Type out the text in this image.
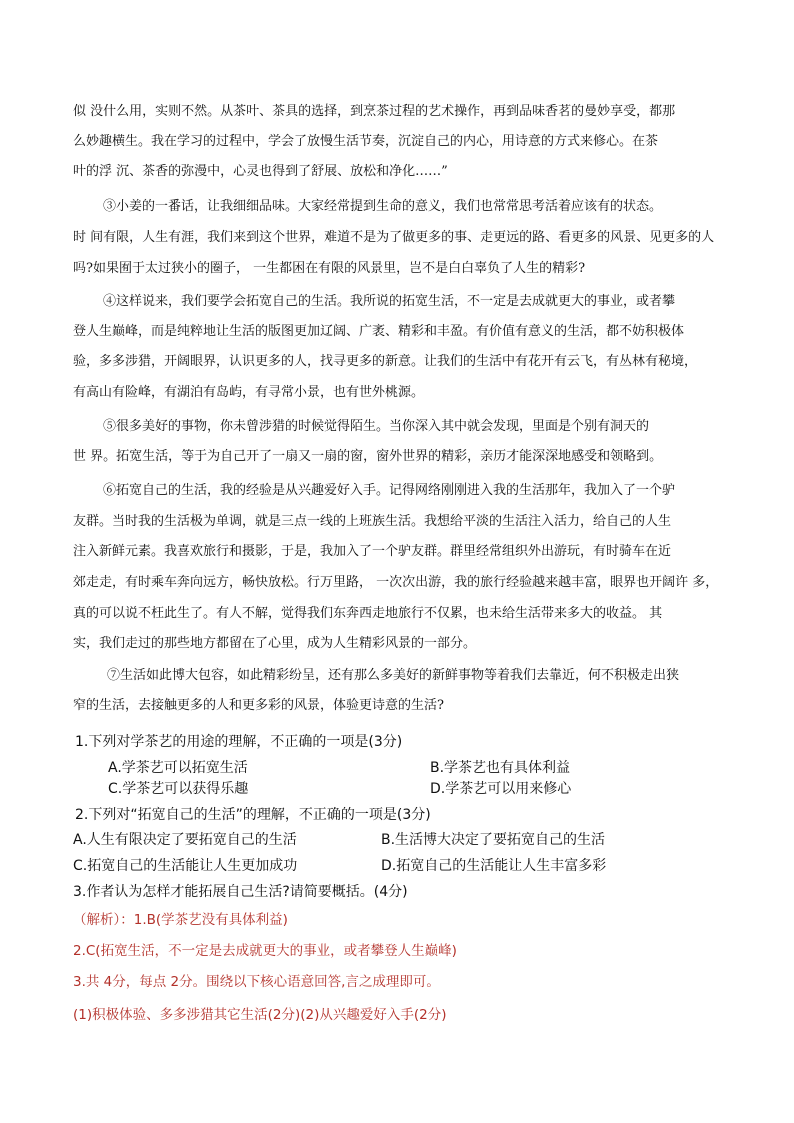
似 没什么用，实则不然。从茶叶、茶具的选择，到烹茶过程的艺术操作，再到品味香茗的曼妙享受，都那
么妙趣横生。我在学习的过程中，学会了放慢生活节奏，沉淀自己的内心，用诗意的方式来修心。在茶
叶的浮 沉、茶香的弥漫中，心灵也得到了舒展、放松和净化……”
③小姜的一番话，让我细细品味。大家经常提到生命的意义，我们也常常思考活着应该有的状态。
时 间有限，人生有涯，我们来到这个世界，难道不是为了做更多的事、走更远的路、看更多的风景、见更多的人
吗?如果囿于太过狭小的圈子， 一生都困在有限的风景里，岂不是白白辜负了人生的精彩?
④这样说来，我们要学会拓宽自己的生活。我所说的拓宽生活，不一定是去成就更大的事业，或者攀
登人生巅峰，而是纯粹地让生活的版图更加辽阔、广袤、精彩和丰盈。有价值有意义的生活，都不妨积极体
验，多多涉猎，开阔眼界，认识更多的人，找寻更多的新意。让我们的生活中有花开有云飞，有丛林有秘境，
有高山有险峰，有湖泊有岛屿，有寻常小景，也有世外桃源。
⑤很多美好的事物，你未曾涉猎的时候觉得陌生。当你深入其中就会发现，里面是个别有洞天的
世 界。拓宽生活，等于为自己开了一扇又一扇的窗，窗外世界的精彩，亲历才能深深地感受和领略到。
⑥拓宽自己的生活，我的经验是从兴趣爱好入手。记得网络刚刚进入我的生活那年，我加入了一个驴
友群。当时我的生活极为单调，就是三点一线的上班族生活。我想给平淡的生活注入活力，给自己的人生
注入新鲜元素。我喜欢旅行和摄影，于是，我加入了一个驴友群。群里经常组织外出游玩，有时骑车在近
郊走走，有时乘车奔向远方，畅快放松。行万里路， 一次次出游，我的旅行经验越来越丰富，眼界也开阔许 多，
真的可以说不枉此生了。有人不解，觉得我们东奔西走地旅行不仅累，也未给生活带来多大的收益。 其
实，我们走过的那些地方都留在了心里，成为人生精彩风景的一部分。
⑦生活如此博大包容，如此精彩纷呈，还有那么多美好的新鲜事物等着我们去靠近，何不积极走出狭
窄的生活，去接触更多的人和更多彩的风景，体验更诗意的生活?
1.下列对学茶艺的用途的理解，不正确的一项是(3分)
A.学茶艺可以拓宽生活	B.学茶艺也有具体利益
C.学茶艺可以获得乐趣	D.学茶艺可以用来修心
2.下列对“拓宽自己的生活”的理解，不正确的一项是(3分)
A.人生有限决定了要拓宽自己的生活	B.生活博大决定了要拓宽自己的生活
C.拓宽自己的生活能让人生更加成功	D.拓宽自己的生活能让人生丰富多彩
3.作者认为怎样才能拓展自己生活?请简要概括。(4分)
（解析）：1.B(学茶艺没有具体利益)
2.C(拓宽生活，不一定是去成就更大的事业，或者攀登人生巅峰)
3.共 4分，每点 2分。围绕以下核心语意回答,言之成理即可。
(1)积极体验、多多涉猎其它生活(2分)(2)从兴趣爱好入手(2分)
